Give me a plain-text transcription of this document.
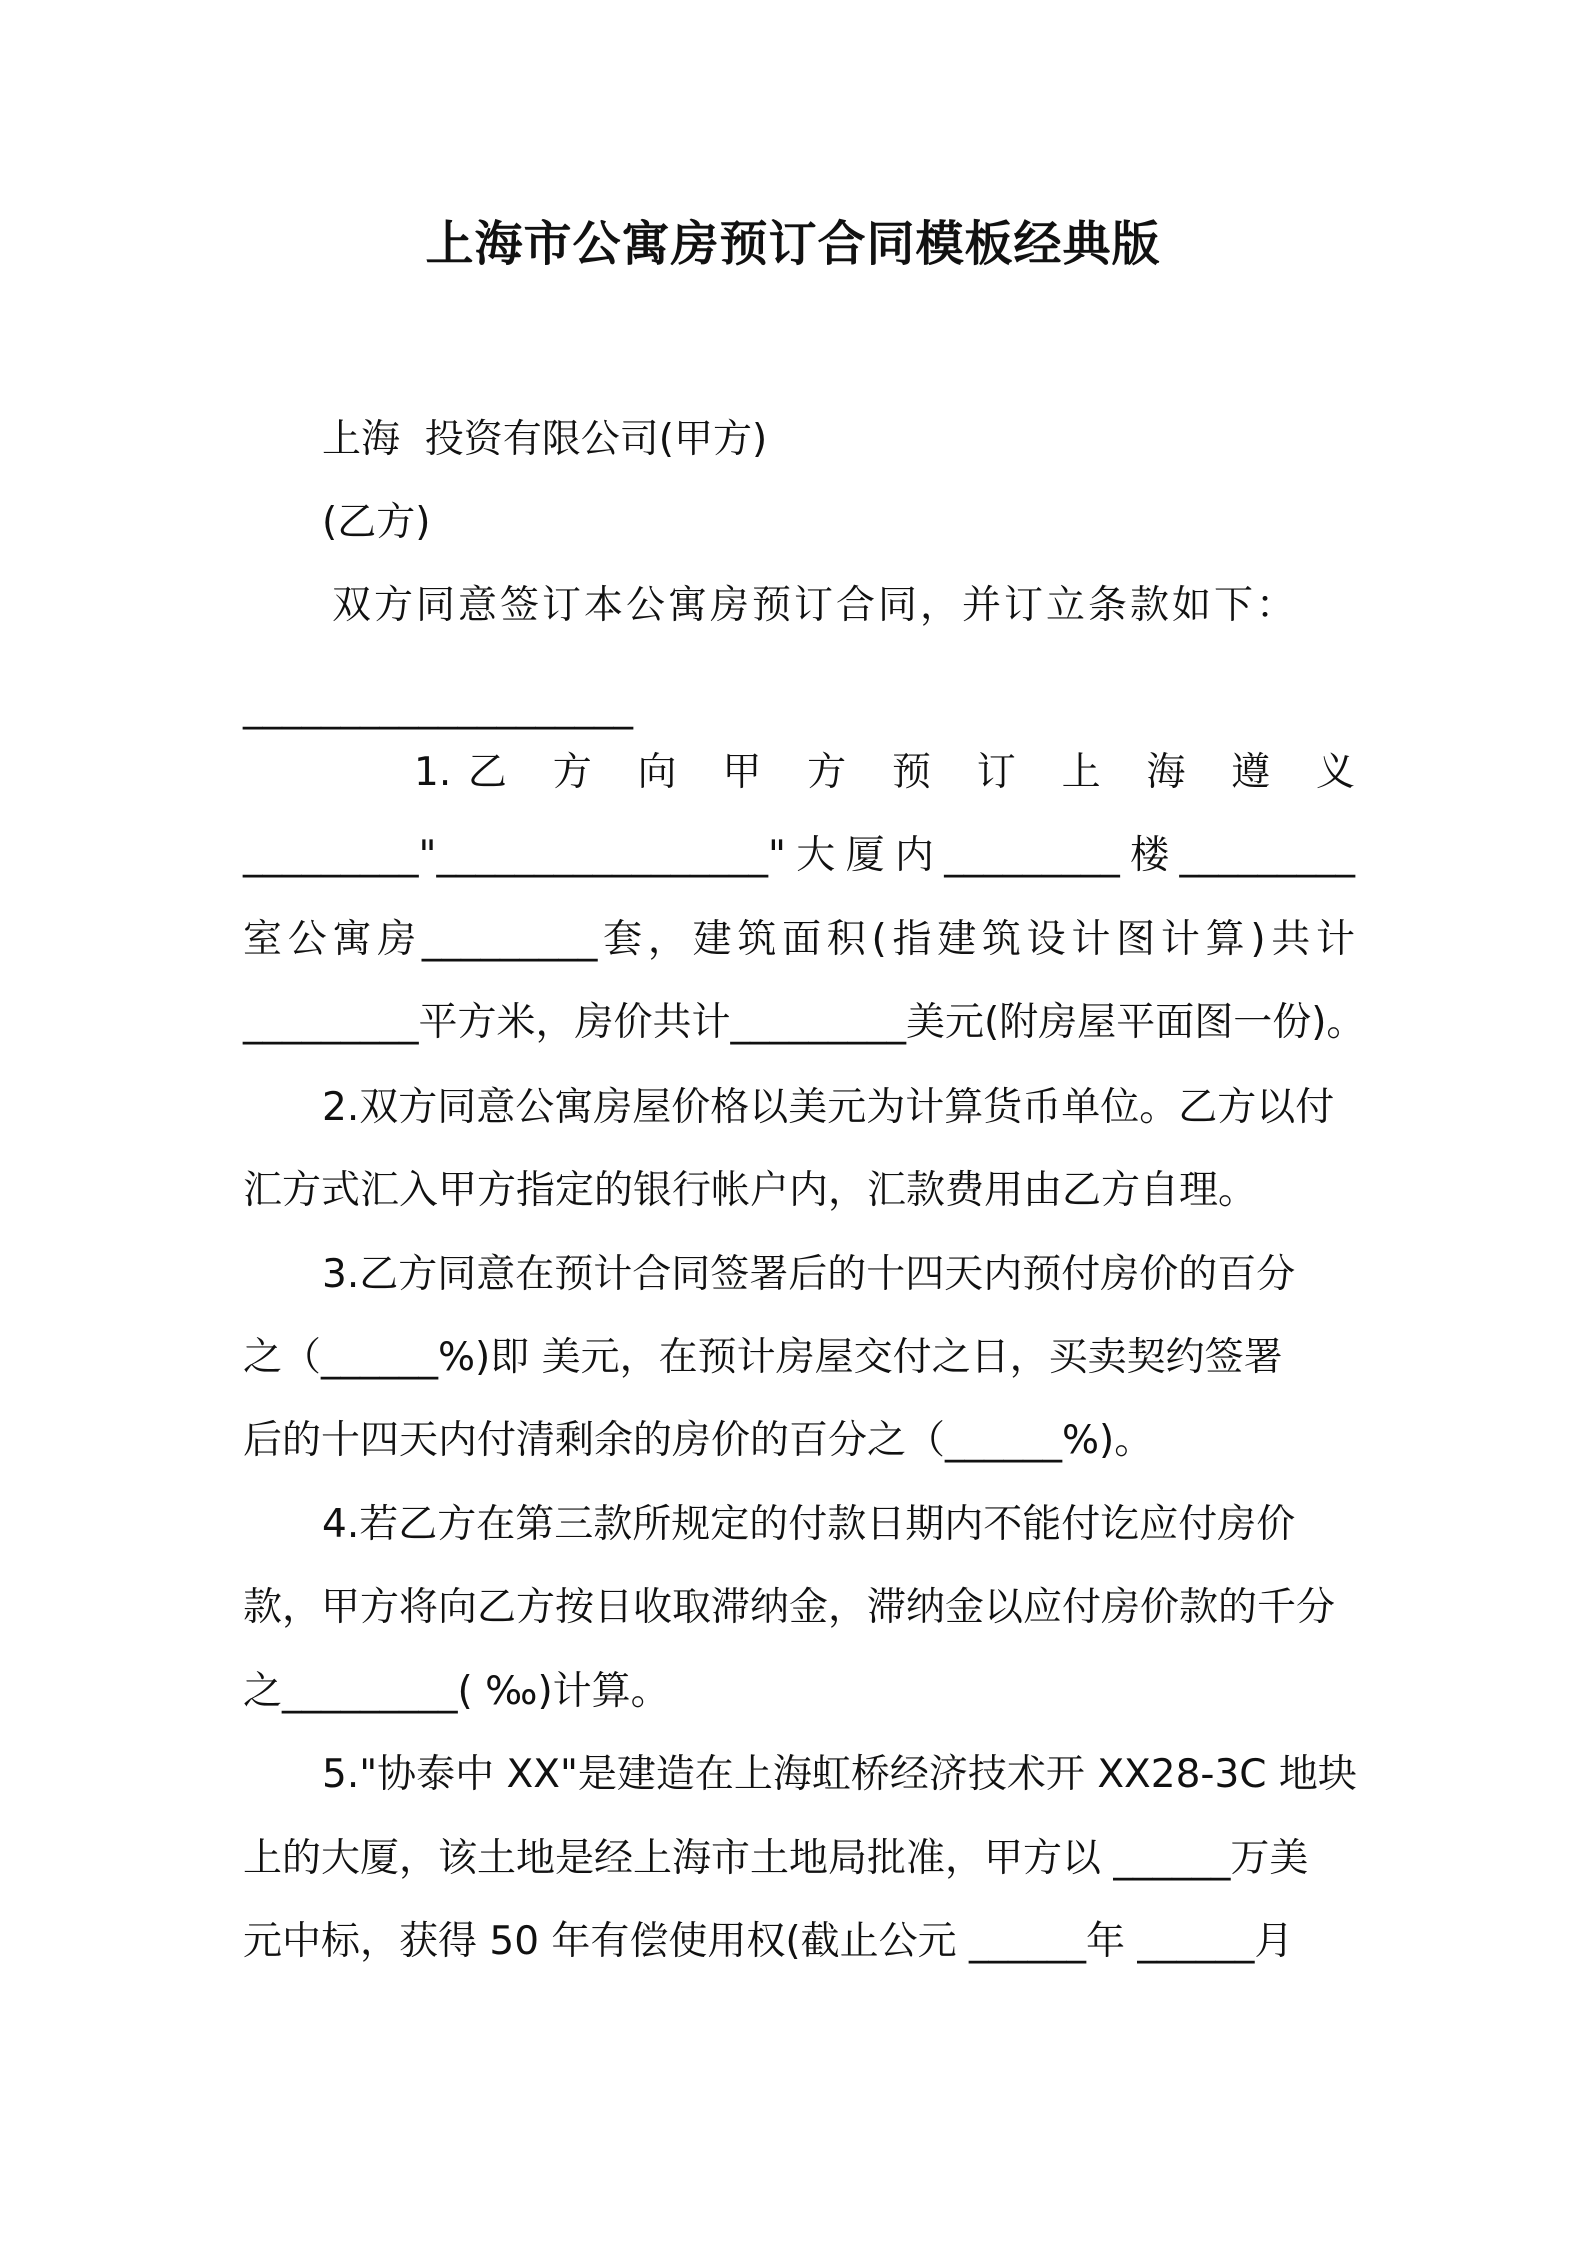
上海市公寓房预订合同模板经典版
上海  投资有限公司(甲方)
(乙方)
双方同意签订本公寓房预订合同，并订立条款如下：
____________________
1.乙 方 向 甲 方 预 订 上 海 遵 义
_________"_________________"大厦内_________楼_________
室公寓房_________套，建筑面积(指建筑设计图计算)共计
_________平方米，房价共计_________美元(附房屋平面图一份)。
2.双方同意公寓房屋价格以美元为计算货币单位。乙方以付
汇方式汇入甲方指定的银行帐户内，汇款费用由乙方自理。
3.乙方同意在预计合同签署后的十四天内预付房价的百分
之（______%)即 美元，在预计房屋交付之日，买卖契约签署
后的十四天内付清剩余的房价的百分之（______%)。
4.若乙方在第三款所规定的付款日期内不能付讫应付房价
款，甲方将向乙方按日收取滞纳金，滞纳金以应付房价款的千分
之_________( ‰)计算。
5."协泰中 XX"是建造在上海虹桥经济技术开 XX28-3C 地块
上的大厦，该土地是经上海市土地局批准，甲方以 ______万美
元中标，获得 50 年有偿使用权(截止公元 ______年 ______月
